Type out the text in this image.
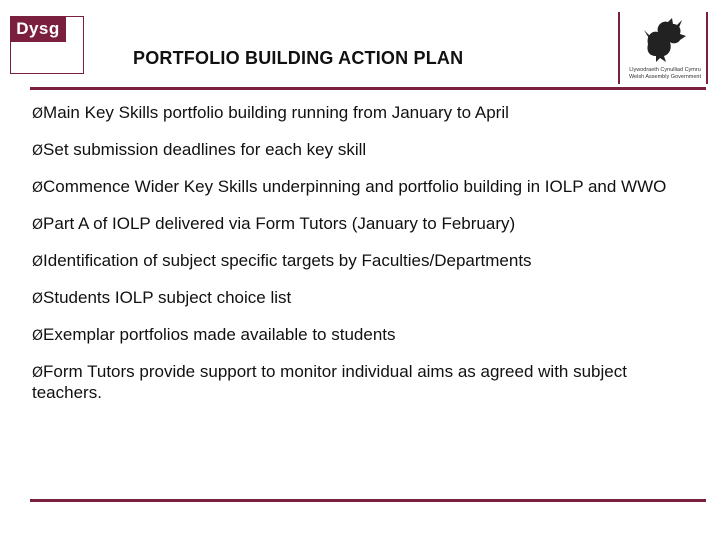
Dysg
PORTFOLIO BUILDING ACTION PLAN
Llywodraeth Cynulliad Cymru
Welsh Assembly Government
ØMain Key Skills portfolio building running from January to April
ØSet submission deadlines for each key skill
ØCommence Wider Key Skills underpinning and portfolio building in IOLP and WWO
ØPart A of IOLP delivered via Form Tutors (January to February)
ØIdentification of subject specific targets by Faculties/Departments
ØStudents IOLP subject choice list
ØExemplar portfolios made available to students
ØForm Tutors provide support to monitor individual aims as agreed with subject teachers.
